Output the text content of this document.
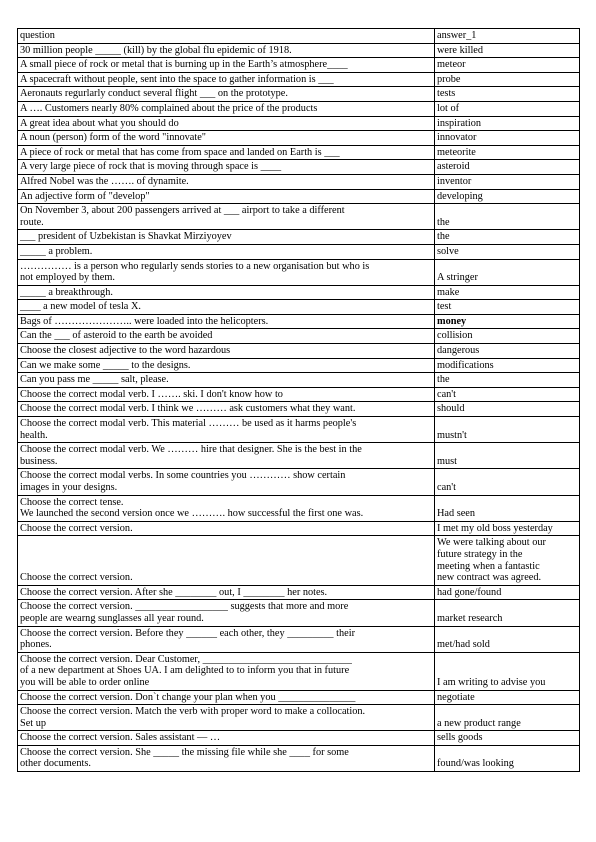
question	answer_1
30 million people _____ (kill) by the global flu epidemic of 1918.	were killed
A small piece of rock or metal that is burning up in the Earth’s atmosphere____	meteor
A spacecraft without people, sent into the space to gather information is ___	probe
Aeronauts regurlarly conduct several flight ___ on the prototype.	tests
A …. Customers nearly 80% complained about the price of the products	lot of
A great idea about what you should do	inspiration
A noun (person) form of the word "innovate"	innovator
A piece of rock or metal that has come from space and landed on Earth is ___	meteorite
A very large piece of rock that is moving through space is ____	asteroid
Alfred Nobel was the ……. of dynamite.	inventor
An adjective form of "develop"	developing
On November 3, about 200 passengers arrived at ___ airport to take a different
route.	the
___ president of Uzbekistan is Shavkat Mirziyoyev	the
_____ a problem.	solve
…………… is a person who regularly sends stories to a new organisation but who is
not employed by them.	A stringer
_____ a breakthrough.	make
____ a new model of tesla X.	test
Bags of ………………….. were loaded into the helicopters.	money
Can the ___ of asteroid to the earth be avoided	collision
Choose the closest adjective to the word hazardous	dangerous
Can we make some _____ to the designs.	modifications
Can you pass me _____ salt, please.	the
Choose the correct modal verb. I ……. ski. I don't know how to	can't
Choose the correct modal verb. I think we ……… ask customers what they want.	should
Choose the correct modal verb. This material ……… be used as it harms people's
health.	mustn't
Choose the correct modal verb. We ……… hire that designer. She is the best in the
business.	must
Choose the correct modal verbs. In some countries you ………… show certain
images in your designs.	can't
Choose the correct tense.
We launched the second version once we ………. how successful the first one was.	Had seen
Choose the correct version.	I met my old boss yesterday
Choose the correct version.	We were talking about our
future strategy in the
meeting when a fantastic
new contract was agreed.
Choose the correct version. After she ________ out, I ________ her notes.	had gone/found
Choose the correct version. __________________ suggests that more and more
people are wearng sunglasses all year round.	market research
Choose the correct version. Before they ______ each other, they _________ their
phones.	met/had sold
Choose the correct version. Dear Customer, _____________________________
of a new department at Shoes UA. I am delighted to to inform you that in future
you will be able to order online	I am writing to advise you
Choose the correct version. Don`t change your plan when you _______________	negotiate
Choose the correct version. Match the verb with proper word to make a collocation.
Set up	a new product range
Choose the correct version. Sales assistant — …	sells goods
Choose the correct version. She _____ the missing file while she ____ for some
other documents.	found/was looking
